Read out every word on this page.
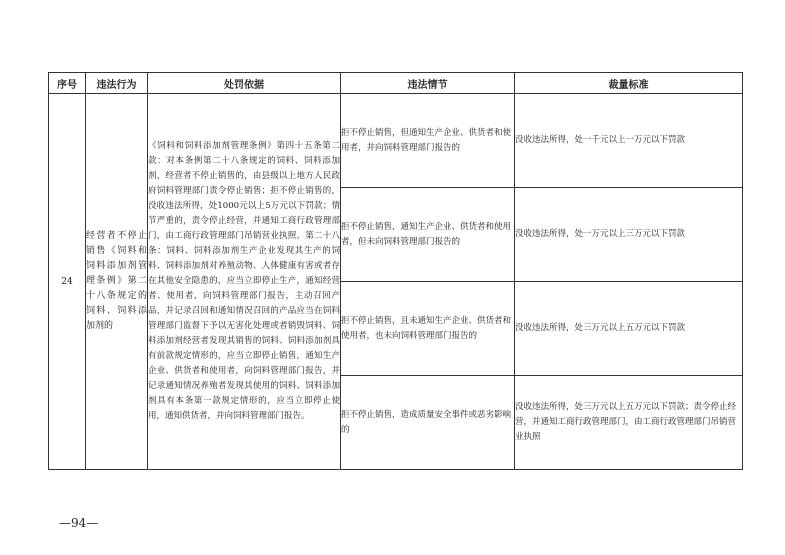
序号	违法行为	处罚依据	违法情节	裁量标准
24	经营者不停止销售《饲料和饲料添加剂管理条例》第二十八条规定的饲料、饲料添加剂的	《饲料和饲料添加剂管理条例》第四十五条第二款：对本条例第二十八条规定的饲料、饲料添加剂，经营者不停止销售的，由县级以上地方人民政府饲料管理部门责令停止销售；拒不停止销售的，没收违法所得，处1000元以上5万元以下罚款；情节严重的，责令停止经营，并通知工商行政管理部门，由工商行政管理部门吊销营业执照。第二十八条：饲料、饲料添加剂生产企业发现其生产的饲料、饲料添加剂对养殖动物、人体健康有害或者存在其他安全隐患的，应当立即停止生产，通知经营者、使用者，向饲料管理部门报告，主动召回产品，并记录召回和通知情况召回的产品应当在饲料管理部门监督下予以无害化处理或者销毁饲料、饲料添加剂经营者发现其销售的饲料、饲料添加剂具有前款规定情形的，应当立即停止销售，通知生产企业、供货者和使用者，向饲料管理部门报告，并记录通知情况养殖者发现其使用的饲料、饲料添加剂具有本条第一款规定情形的，应当立即停止使用，通知供货者，并向饲料管理部门报告。	拒不停止销售，但通知生产企业、供货者和使用者，并向饲料管理部门报告的	没收违法所得，处一千元以上一万元以下罚款
			拒不停止销售，通知生产企业、供货者和使用者，但未向饲料管理部门报告的	没收违法所得，处一万元以上三万元以下罚款
			拒不停止销售，且未通知生产企业、供货者和使用者，也未向饲料管理部门报告的	没收违法所得，处三万元以上五万元以下罚款
			拒不停止销售，造成质量安全事件或恶劣影响的	没收违法所得，处三万元以上五万元以下罚款；责令停止经营，并通知工商行政管理部门，由工商行政管理部门吊销营业执照
—94—
